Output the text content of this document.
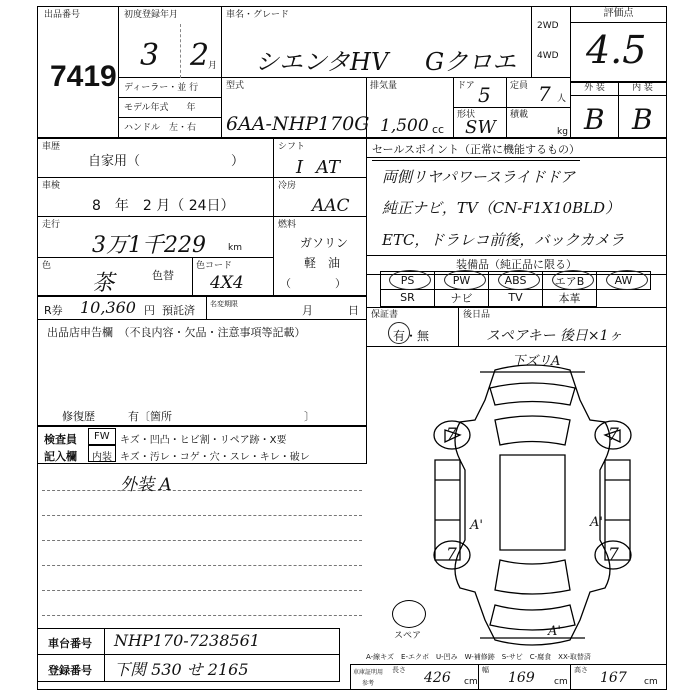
出品番号
7419
初度登録年月
3 2
月
車名・グレード
シエンタHV Gクロエ
2WD
4WD
評価点
4.5
ディーラー・並 行
モデル年式　　年
ハンドル　左・右
型式
6AA-NHP170G
排気量
1,500 cc
ドア 5
形状
SW
定員 7 人
積載
kg
外 装
B
内 装
B
車歴
自家用（　　　　　　　）
シフト
I AT
車検
8　年　2 月（ 24日）
冷房
AAC
走行
3万1千229 km
燃料
ガソリン
軽　油
（　　　　）
色
茶	色替
色コード
4X4
R券 10,360 円 預託済 名変期限	月	日
出品店申告欄　（不良内容・欠品・注意事項等記載）
修復歴	有〔箇所　　　　　　　　　　　　〕
検査員
記入欄
FW キズ・凹凸・ヒビ割・リペア跡・X要
内装 キズ・汚レ・コゲ・穴・スレ・キレ・破レ
外装 A
セールスポイント（正常に機能するもの）
両側リヤパワースライドドア
純正ナビ，TV（CN-F1X10BLD）
ETC，ドラレコ前後，バックカメラ
装備品（純正品に限る）
PS	PW	ABS	エアB	AW
SR	ナビ	TV	本革
保証書
有・無
後日品
スペアキー 後日×1ヶ
下ズリA
7	7
7	7
A'	A'
A'
スペア
A-線キズ　E-エクボ　U-凹み　W-補修跡　S-サビ　C-腐食　XX-取替済
車台番号 NHP170-7238561
登録番号 下関 530 せ 2165	車庫証明用
参考
長さ 426 cm
幅 169 cm
高さ 167 cm
